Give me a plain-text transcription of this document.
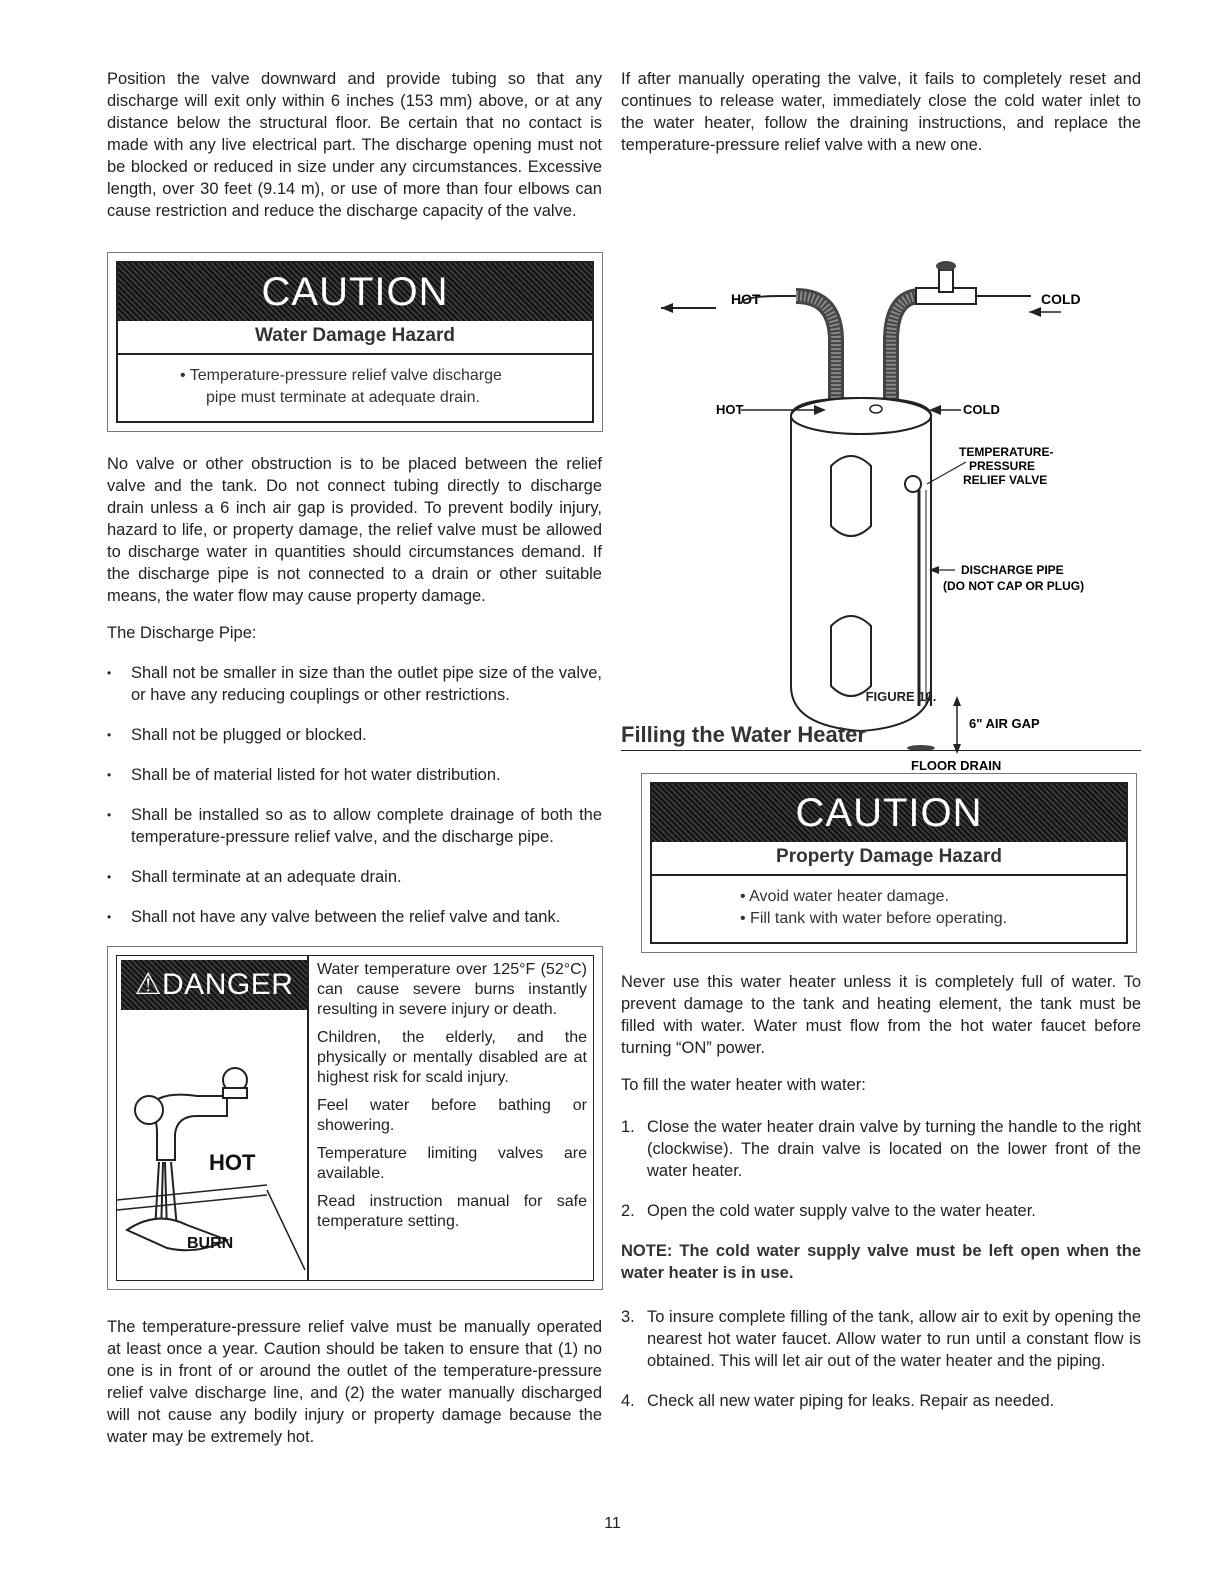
Position the valve downward and provide tubing so that any discharge will exit only within 6 inches (153 mm) above, or at any distance below the structural floor. Be certain that no contact is made with any live electrical part. The discharge opening must not be blocked or reduced in size under any circumstances. Excessive length, over 30 feet (9.14 m), or use of more than four elbows can cause restriction and reduce the discharge capacity of the valve.

CAUTION
Water Damage Hazard
• Temperature-pressure relief valve discharge
pipe must terminate at adequate drain.

No valve or other obstruction is to be placed between the relief valve and the tank. Do not connect tubing directly to discharge drain unless a 6 inch air gap is provided. To prevent bodily injury, hazard to life, or property damage, the relief valve must be allowed to discharge water in quantities should circumstances demand. If the discharge pipe is not connected to a drain or other suitable means, the water flow may cause property damage.

The Discharge Pipe:

•	Shall not be smaller in size than the outlet pipe size of the valve, or have any reducing couplings or other restrictions.
•	Shall not be plugged or blocked.
•	Shall be of material listed for hot water distribution.
•	Shall be installed so as to allow complete drainage of both the temperature-pressure relief valve, and the discharge pipe.
•	Shall terminate at an adequate drain.
•	Shall not have any valve between the relief valve and tank.
⚠DANGER
HOT
BURN

Water temperature over 125°F (52°C) can cause severe burns instantly resulting in severe injury or death.

Children, the elderly, and the physically or mentally disabled are at highest risk for scald injury.

Feel water before bathing or showering.

Temperature limiting valves are available.

Read instruction manual for safe temperature setting.

The temperature-pressure relief valve must be manually operated at least once a year. Caution should be taken to ensure that (1) no one is in front of or around the outlet of the temperature-pressure relief valve discharge line, and (2) the water manually discharged will not cause any bodily injury or property damage because the water may be extremely hot.

If after manually operating the valve, it fails to completely reset and continues to release water, immediately close the cold water inlet to the water heater, follow the draining instructions, and replace the temperature-pressure relief valve with a new one.

HOT	COLD
HOT	COLD
TEMPERATURE-
PRESSURE
RELIEF VALVE
DISCHARGE PIPE
(DO NOT CAP OR PLUG)
6" AIR GAP
FLOOR DRAIN
FIGURE 10.
Filling the Water Heater
CAUTION
Property Damage Hazard
• Avoid water heater damage.
• Fill tank with water before operating.

Never use this water heater unless it is completely full of water. To prevent damage to the tank and heating element, the tank must be filled with water. Water must flow from the hot water faucet before turning “ON” power.

To fill the water heater with water:

1. Close the water heater drain valve by turning the handle to the right (clockwise). The drain valve is located on the lower front of the water heater.
2. Open the cold water supply valve to the water heater.

NOTE: The cold water supply valve must be left open when the water heater is in use.

3. To insure complete filling of the tank, allow air to exit by opening the nearest hot water faucet. Allow water to run until a constant flow is obtained. This will let air out of the water heater and the piping.
4. Check all new water piping for leaks. Repair as needed.
11
